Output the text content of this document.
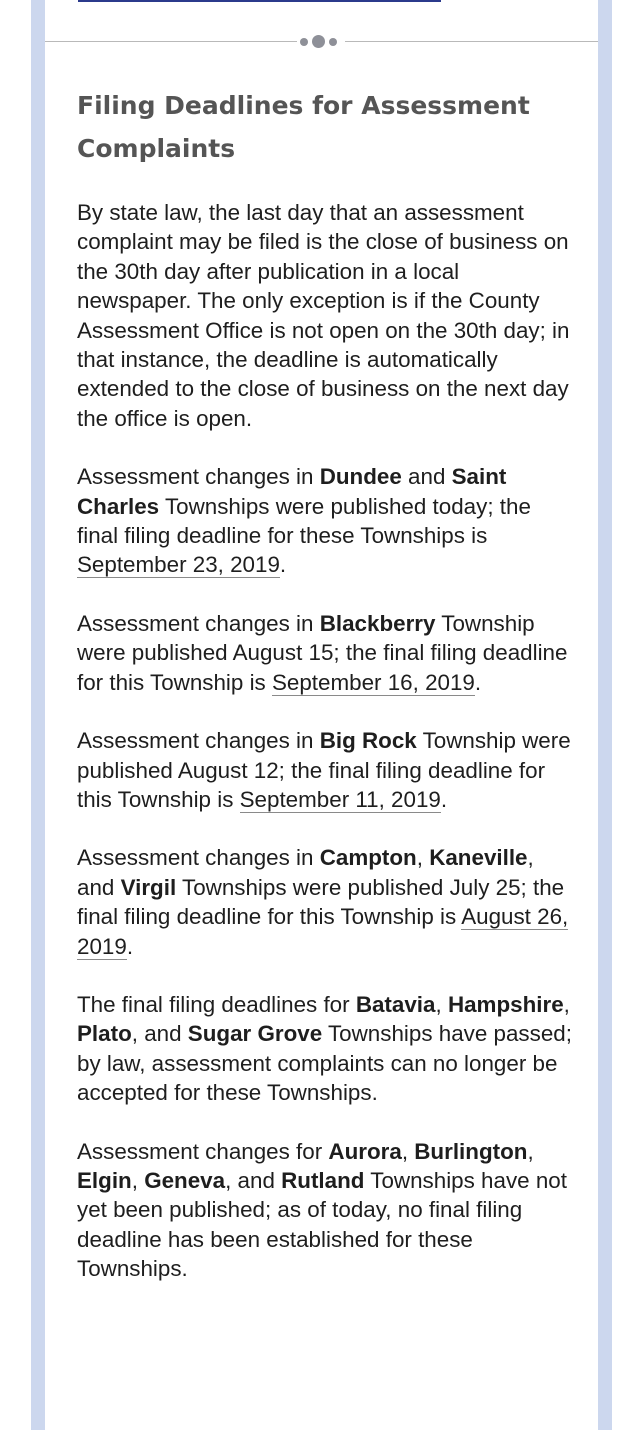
Filing Deadlines for Assessment
Complaints

By state law, the last day that an assessment complaint may be filed is the close of business on the 30th day after publication in a local newspaper. The only exception is if the County Assessment Office is not open on the 30th day; in that instance, the deadline is automatically extended to the close of business on the next day the office is open.

Assessment changes in Dundee and Saint Charles Townships were published today; the final filing deadline for these Townships is September 23, 2019.

Assessment changes in Blackberry Township were published August 15; the final filing deadline for this Township is September 16, 2019.

Assessment changes in Big Rock Township were published August 12; the final filing deadline for this Township is September 11, 2019.

Assessment changes in Campton, Kaneville, and Virgil Townships were published July 25; the final filing deadline for this Township is August 26, 2019.

The final filing deadlines for Batavia, Hampshire, Plato, and Sugar Grove Townships have passed; by law, assessment complaints can no longer be accepted for these Townships.

Assessment changes for Aurora, Burlington, Elgin, Geneva, and Rutland Townships have not yet been published; as of today, no final filing deadline has been established for these Townships.
